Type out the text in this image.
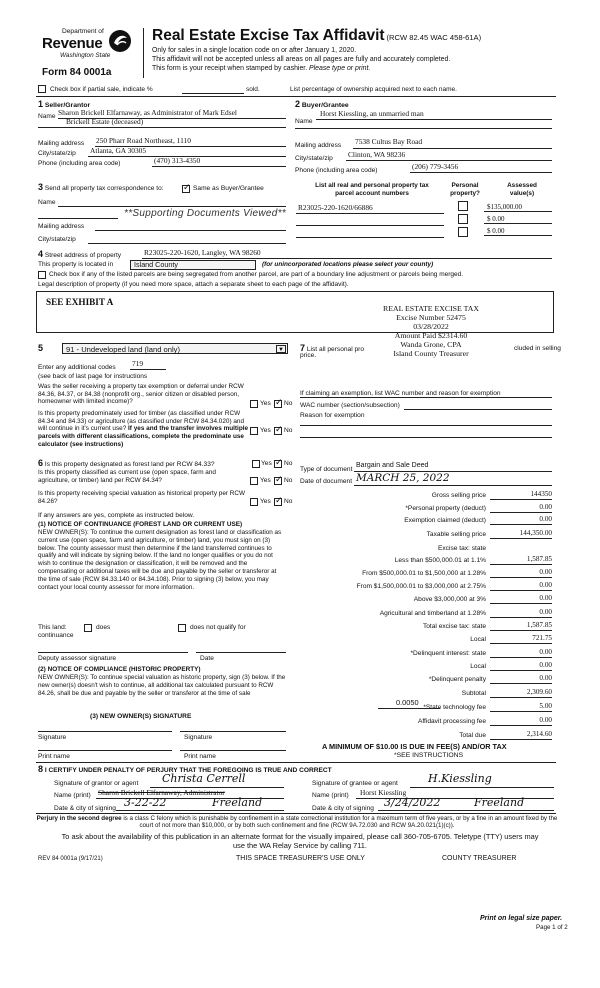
Department of
Revenue
Washington State
Form 84 0001a
Real Estate Excise Tax Affidavit (RCW 82.45 WAC 458-61A)
Only for sales in a single location code on or after January 1, 2020.
This affidavit will not be accepted unless all areas on all pages are fully and accurately completed.
This form is your receipt when stamped by cashier. Please type or print.
Check box if partial sale, indicate %	sold.	List percentage of ownership acquired next to each name.
1 Seller/Grantor
Name Sharon Brickell Elfarnaway, as Administrator of Mark Edsel
Brickell Estate (deceased)
Mailing address 250 Pharr Road Northeast, 1110
City/state/zip Atlanta, GA 30305
Phone (including area code)	(470) 313-4350
2 Buyer/Grantee
Name
Horst Kiessling, an unmarried man
Mailing address 7538 Cultus Bay Road
City/state/zip Clinton, WA 98236
Phone (including area code)	(206) 779-3456
3 Send all property tax correspondence to: ✓	Same as Buyer/Grantee
Name
**Supporting Documents Viewed**
Mailing address
City/state/zip
List all real and personal property tax
parcel account numbers
Personal
property?
Assessed
value(s)
R23025-220-1620/66886	$135,000.00
$ 0.00
$ 0.00
4 Street address of property	R23025-220-1620, Langley, WA 98260
This property is located in	Island County	(for unincorporated locations please select your county)
Check box if any of the listed parcels are being segregated from another parcel, are part of a boundary line adjustment or parcels being merged.
Legal description of property (if you need more space, attach a separate sheet to each page of the affidavit).
SEE EXHIBIT A
REAL ESTATE EXCISE TAX
Excise Number 52475
03/28/2022
Amount Paid $2314.60
Wanda Grone, CPA
Island County Treasurer
5	91 - Undeveloped land (land only)	▼ 7 List all personal pro
price.
cluded in selling
Enter any additional codes 719
(see back of last page for instructions
Was the seller receiving a property tax exemption or deferral under RCW 84.36, 84.37, or 84.38 (nonprofit org., senior citizen or disabled person, homeowner with limited income)?	Yes ✓ No
Is this property predominately used for timber (as classified under RCW 84.34 and 84.33) or agriculture (as classified under RCW 84.34.020) and will continue in it's current use? If yes and the transfer involves multiple parcels with different classifications, complete the predominate use calculator (see instructions)
Yes ✓ No
If claiming an exemption, list WAC number and reason for exemption
WAC number (section/subsection)
Reason for exemption
6 Is this property designated as forest land per RCW 84.33?	Yes ✓ No
Is this property classified as current use (open space, farm and agriculture, or timber) land per RCW 84.34?	Yes ✓ No
Is this property receiving special valuation as historical property per RCW 84.26?	Yes ✓ No
If any answers are yes, complete as instructed below.
(1) NOTICE OF CONTINUANCE (FOREST LAND OR CURRENT USE)
NEW OWNER(S): To continue the current designation as forest land or classification as current use (open space, farm and agriculture, or timber) land, you must sign on (3) below. The county assessor must then determine if the land transferred continues to qualify and will indicate by signing below. If the land no longer qualifies or you do not wish to continue the designation or classification, it will be removed and the compensating or additional taxes will be due and payable by the seller or transferor at the time of sale (RCW 84.33.140 or 84.34.108). Prior to signing (3) below, you may contact your local county assessor for more information.
This land:	does	does not qualify for
continuance
Deputy assessor signature	Date
(2) NOTICE OF COMPLIANCE (HISTORIC PROPERTY)
NEW OWNER(S): To continue special valuation as historic property, sign (3) below. If the new owner(s) doesn't wish to continue, all additional tax calculated pursuant to RCW 84.26, shall be due and payable by the seller or transferor at the time of sale
(3) NEW OWNER(S) SIGNATURE
Signature	Signature
Print name	Print name
Type of document
Bargain and Sale Deed
Date of document MARCH 25, 2022
Gross selling price	144350
*Personal property (deduct)	0.00
Exemption claimed (deduct)	0.00
Taxable selling price	144,350.00
Excise tax: state
Less than $500,000.01 at 1.1%	1,587.85
From $500,000.01 to $1,500,000 at 1.28%	0.00
From $1,500,000.01 to $3,000,000 at 2.75%	0.00
Above $3,000,000 at 3%	0.00
Agricultural and timberland at 1.28%	0.00
Total excise tax: state	1,587.85
Local	721.75
*Delinquent interest: state	0.00
Local	0.00
*Delinquent penalty	0.00
Subtotal	2,309.60
*State technology fee	5.00
Affidavit processing fee	0.00
Total due	2,314.60
0.0050
A MINIMUM OF $10.00 IS DUE IN FEE(S) AND/OR TAX
*SEE INSTRUCTIONS
8 I CERTIFY UNDER PENALTY OF PERJURY THAT THE FOREGOING IS TRUE AND CORRECT
Signature of grantor or agent Christa Cerrell
Name (print) Sharon Brickell Elfarnaway, Administrator
Date & city of signing 3-22-22	Freeland
Signature of grantee or agent	H.Kiessling
Name (print) Horst Kiessling
Date & city of signing 3/24/2022	Freeland
Perjury in the second degree is a class C felony which is punishable by confinement in a state correctional institution for a maximum term of five years, or by a fine in an amount fixed by the court of not more than $10,000, or by both such confinement and fine (RCW 9A.72.030 and RCW 9A.20.021(1)(c)).
To ask about the availability of this publication in an alternate format for the visually impaired, please call 360-705-6705. Teletype (TTY) users may use the WA Relay Service by calling 711.
REV 84 0001a (9/17/21)	THIS SPACE TREASURER'S USE ONLY	COUNTY TREASURER
Print on legal size paper.
Page 1 of 2
